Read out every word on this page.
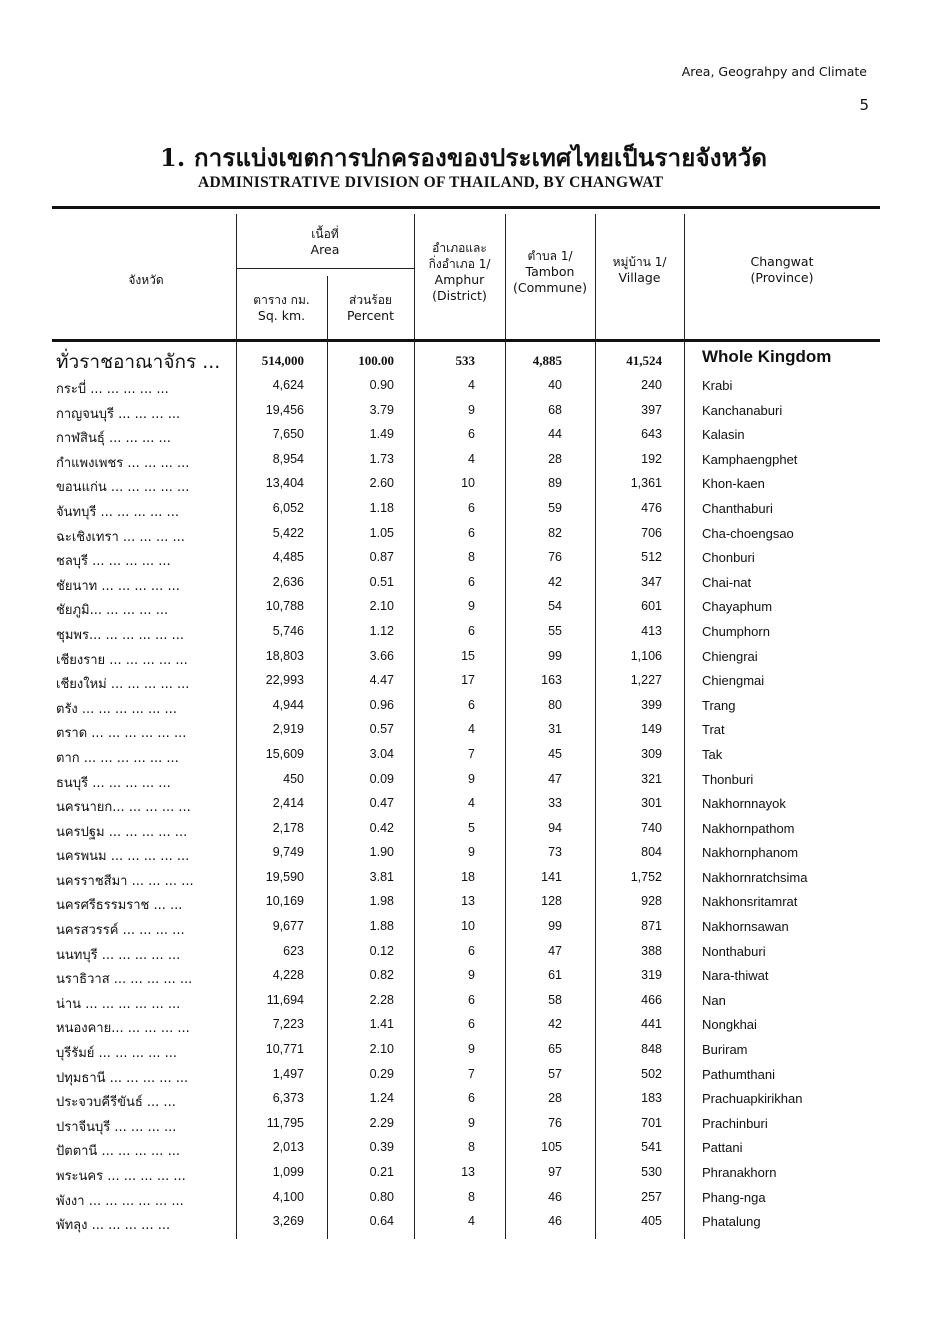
Area, Geograhpy and Climate
5
1. การแบ่งเขตการปกครองของประเทศไทยเป็นรายจังหวัด
ADMINISTRATIVE DIVISION OF THAILAND, BY CHANGWAT
จังหวัด
เนื้อที่
Area
ตาราง กม.
Sq. km.
ส่วนร้อย
Percent
อำเภอและ
กิ่งอำเภอ 1/
Amphur
(District)
ตำบล 1/
Tambon
(Commune)
หมู่บ้าน 1/
Village
Changwat
(Province)
ทั่วราชอาณาจักร ...	514,000	100.00	533	4,885	41,524 Whole Kingdom
กระบี่ ... ... ... ... ...	4,624	0.90	4	40	240	Krabi
กาญจนบุรี ... ... ... ...	19,456	3.79	9	68	397	Kanchanaburi
กาฬสินธุ์ ... ... ... ...	7,650	1.49	6	44	643	Kalasin
กำแพงเพชร ... ... ... ...	8,954	1.73	4	28	192	Kamphaengphet
ขอนแก่น ... ... ... ... ...	13,404	2.60	10	89	1,361	Khon-kaen
จันทบุรี ... ... ... ... ...	6,052	1.18	6	59	476	Chanthaburi
ฉะเชิงเทรา ... ... ... ...	5,422	1.05	6	82	706	Cha-choengsao
ชลบุรี ... ... ... ... ...	4,485	0.87	8	76	512	Chonburi
ชัยนาท ... ... ... ... ...	2,636	0.51	6	42	347	Chai-nat
ชัยภูมิ... ... ... ... ...	10,788	2.10	9	54	601	Chayaphum
ชุมพร... ... ... ... ... ...	5,746	1.12	6	55	413	Chumphorn
เชียงราย ... ... ... ... ...	18,803	3.66	15	99	1,106	Chiengrai
เชียงใหม่ ... ... ... ... ...	22,993	4.47	17	163	1,227	Chiengmai
ตรัง ... ... ... ... ... ...	4,944	0.96	6	80	399	Trang
ตราด ... ... ... ... ... ...	2,919	0.57	4	31	149	Trat
ตาก ... ... ... ... ... ...	15,609	3.04	7	45	309	Tak
ธนบุรี ... ... ... ... ...	450	0.09	9	47	321	Thonburi
นครนายก... ... ... ... ...	2,414	0.47	4	33	301	Nakhornnayok
นครปฐม ... ... ... ... ...	2,178	0.42	5	94	740	Nakhornpathom
นครพนม ... ... ... ... ...	9,749	1.90	9	73	804	Nakhornphanom
นครราชสีมา ... ... ... ...	19,590	3.81	18	141	1,752	Nakhornratchsima
นครศรีธรรมราช ... ...	10,169	1.98	13	128	928	Nakhonsritamrat
นครสวรรค์ ... ... ... ...	9,677	1.88	10	99	871	Nakhornsawan
นนทบุรี ... ... ... ... ...	623	0.12	6	47	388	Nonthaburi
นราธิวาส ... ... ... ... ...	4,228	0.82	9	61	319	Nara-thiwat
น่าน ... ... ... ... ... ...	11,694	2.28	6	58	466	Nan
หนองคาย... ... ... ... ...	7,223	1.41	6	42	441	Nongkhai
บุรีรัมย์ ... ... ... ... ...	10,771	2.10	9	65	848	Buriram
ปทุมธานี ... ... ... ... ...	1,497	0.29	7	57	502	Pathumthani
ประจวบคีรีขันธ์ ... ...	6,373	1.24	6	28	183	Prachuapkirikhan
ปราจีนบุรี ... ... ... ...	11,795	2.29	9	76	701	Prachinburi
ปัตตานี ... ... ... ... ...	2,013	0.39	8	105	541	Pattani
พระนคร ... ... ... ... ...	1,099	0.21	13	97	530	Phranakhorn
พังงา ... ... ... ... ... ...	4,100	0.80	8	46	257	Phang-nga
พัทลุง ... ... ... ... ...	3,269	0.64	4	46	405	Phatalung
